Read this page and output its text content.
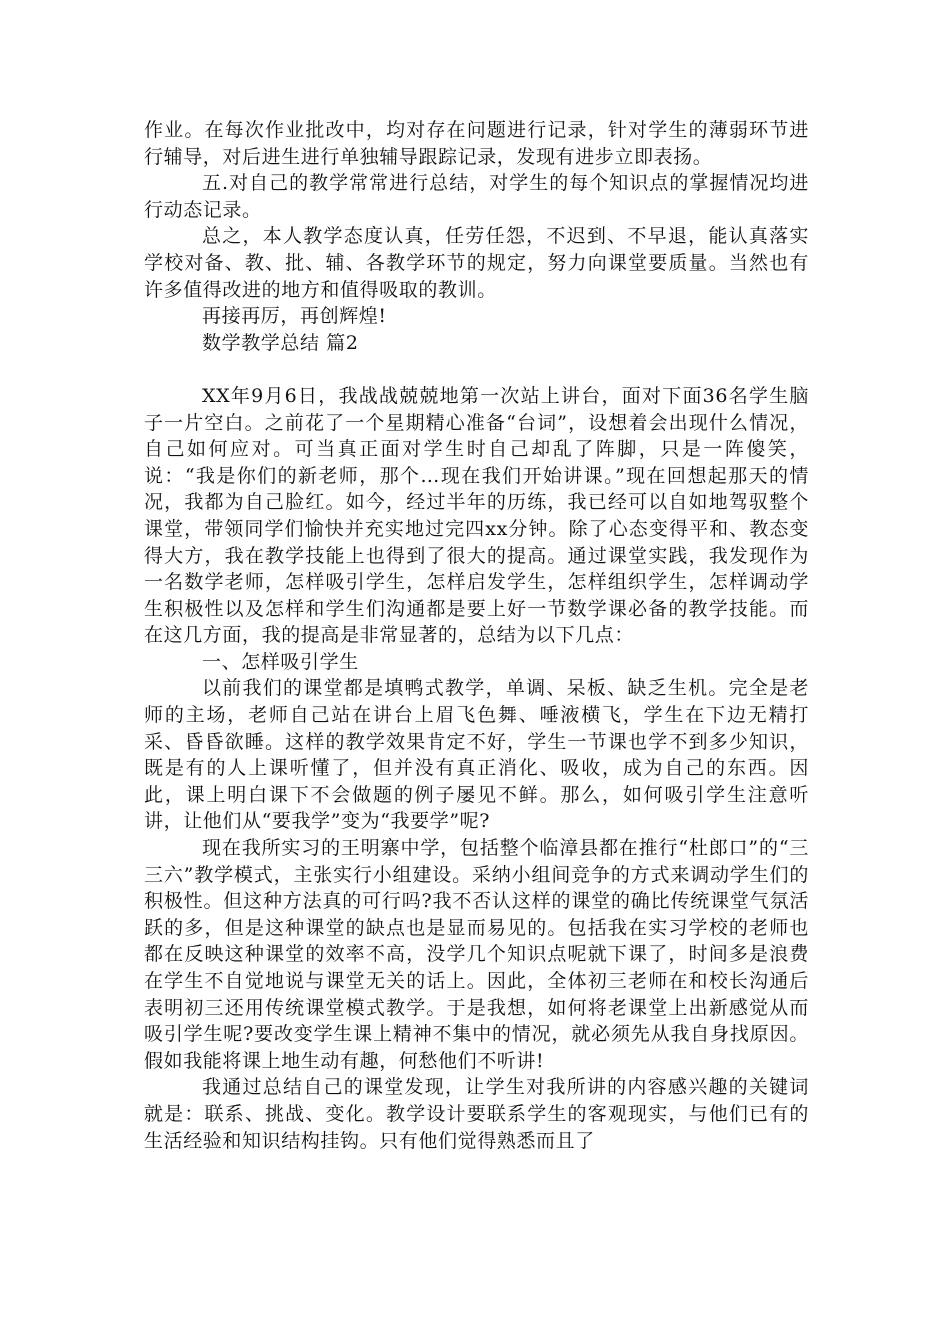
作业。在每次作业批改中，均对存在问题进行记录，针对学生的薄弱环节进行辅导，对后进生进行单独辅导跟踪记录，发现有进步立即表扬。

五.对自己的教学常常进行总结，对学生的每个知识点的掌握情况均进行动态记录。

总之，本人教学态度认真，任劳任怨，不迟到、不早退，能认真落实学校对备、教、批、辅、各教学环节的规定，努力向课堂要质量。当然也有许多值得改进的地方和值得吸取的教训。

再接再厉，再创辉煌!

数学教学总结 篇2

XX年9月6日，我战战兢兢地第一次站上讲台，面对下面36名学生脑子一片空白。之前花了一个星期精心准备“台词”，设想着会出现什么情况，自己如何应对。可当真正面对学生时自己却乱了阵脚，只是一阵傻笑，说：“我是你们的新老师，那个…现在我们开始讲课。”现在回想起那天的情况，我都为自己脸红。如今，经过半年的历练，我已经可以自如地驾驭整个课堂，带领同学们愉快并充实地过完四xx分钟。除了心态变得平和、教态变得大方，我在教学技能上也得到了很大的提高。通过课堂实践，我发现作为一名数学老师，怎样吸引学生，怎样启发学生，怎样组织学生，怎样调动学生积极性以及怎样和学生们沟通都是要上好一节数学课必备的教学技能。而在这几方面，我的提高是非常显著的，总结为以下几点：

一、怎样吸引学生

以前我们的课堂都是填鸭式教学，单调、呆板、缺乏生机。完全是老师的主场，老师自己站在讲台上眉飞色舞、唾液横飞，学生在下边无精打采、昏昏欲睡。这样的教学效果肯定不好，学生一节课也学不到多少知识，既是有的人上课听懂了，但并没有真正消化、吸收，成为自己的东西。因此，课上明白课下不会做题的例子屡见不鲜。那么，如何吸引学生注意听讲，让他们从“要我学”变为“我要学”呢?

现在我所实习的王明寨中学，包括整个临漳县都在推行“杜郎口”的“三三六”教学模式，主张实行小组建设。采纳小组间竞争的方式来调动学生们的积极性。但这种方法真的可行吗?我不否认这样的课堂的确比传统课堂气氛活跃的多，但是这种课堂的缺点也是显而易见的。包括我在实习学校的老师也都在反映这种课堂的效率不高，没学几个知识点呢就下课了，时间多是浪费在学生不自觉地说与课堂无关的话上。因此，全体初三老师在和校长沟通后表明初三还用传统课堂模式教学。于是我想，如何将老课堂上出新感觉从而吸引学生呢?要改变学生课上精神不集中的情况，就必须先从我自身找原因。假如我能将课上地生动有趣，何愁他们不听讲!

我通过总结自己的课堂发现，让学生对我所讲的内容感兴趣的关键词就是：联系、挑战、变化。教学设计要联系学生的客观现实，与他们已有的生活经验和知识结构挂钩。只有他们觉得熟悉而且了
